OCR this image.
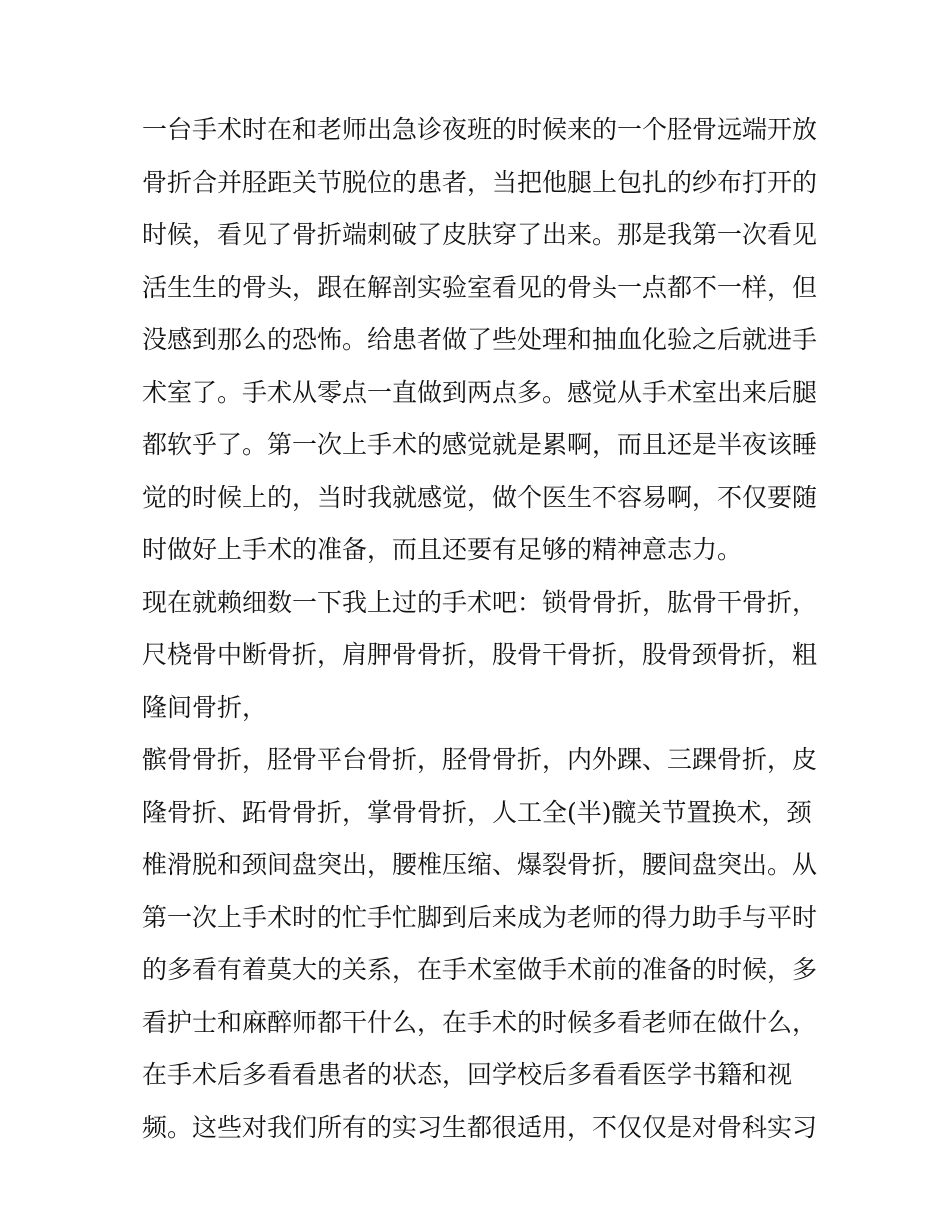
一台手术时在和老师出急诊夜班的时候来的一个胫骨远端开放
骨折合并胫距关节脱位的患者，当把他腿上包扎的纱布打开的
时候，看见了骨折端刺破了皮肤穿了出来。那是我第一次看见
活生生的骨头，跟在解剖实验室看见的骨头一点都不一样，但
没感到那么的恐怖。给患者做了些处理和抽血化验之后就进手
术室了。手术从零点一直做到两点多。感觉从手术室出来后腿
都软乎了。第一次上手术的感觉就是累啊，而且还是半夜该睡
觉的时候上的，当时我就感觉，做个医生不容易啊，不仅要随
时做好上手术的准备，而且还要有足够的精神意志力。
现在就赖细数一下我上过的手术吧：锁骨骨折，肱骨干骨折，
尺桡骨中断骨折，肩胛骨骨折，股骨干骨折，股骨颈骨折，粗
隆间骨折，
髌骨骨折，胫骨平台骨折，胫骨骨折，内外踝、三踝骨折，皮
隆骨折、跖骨骨折，掌骨骨折，人工全(半)髋关节置换术，颈
椎滑脱和颈间盘突出，腰椎压缩、爆裂骨折，腰间盘突出。从
第一次上手术时的忙手忙脚到后来成为老师的得力助手与平时
的多看有着莫大的关系，在手术室做手术前的准备的时候，多
看护士和麻醉师都干什么，在手术的时候多看老师在做什么，
在手术后多看看患者的状态，回学校后多看看医学书籍和视
频。这些对我们所有的实习生都很适用，不仅仅是对骨科实习
